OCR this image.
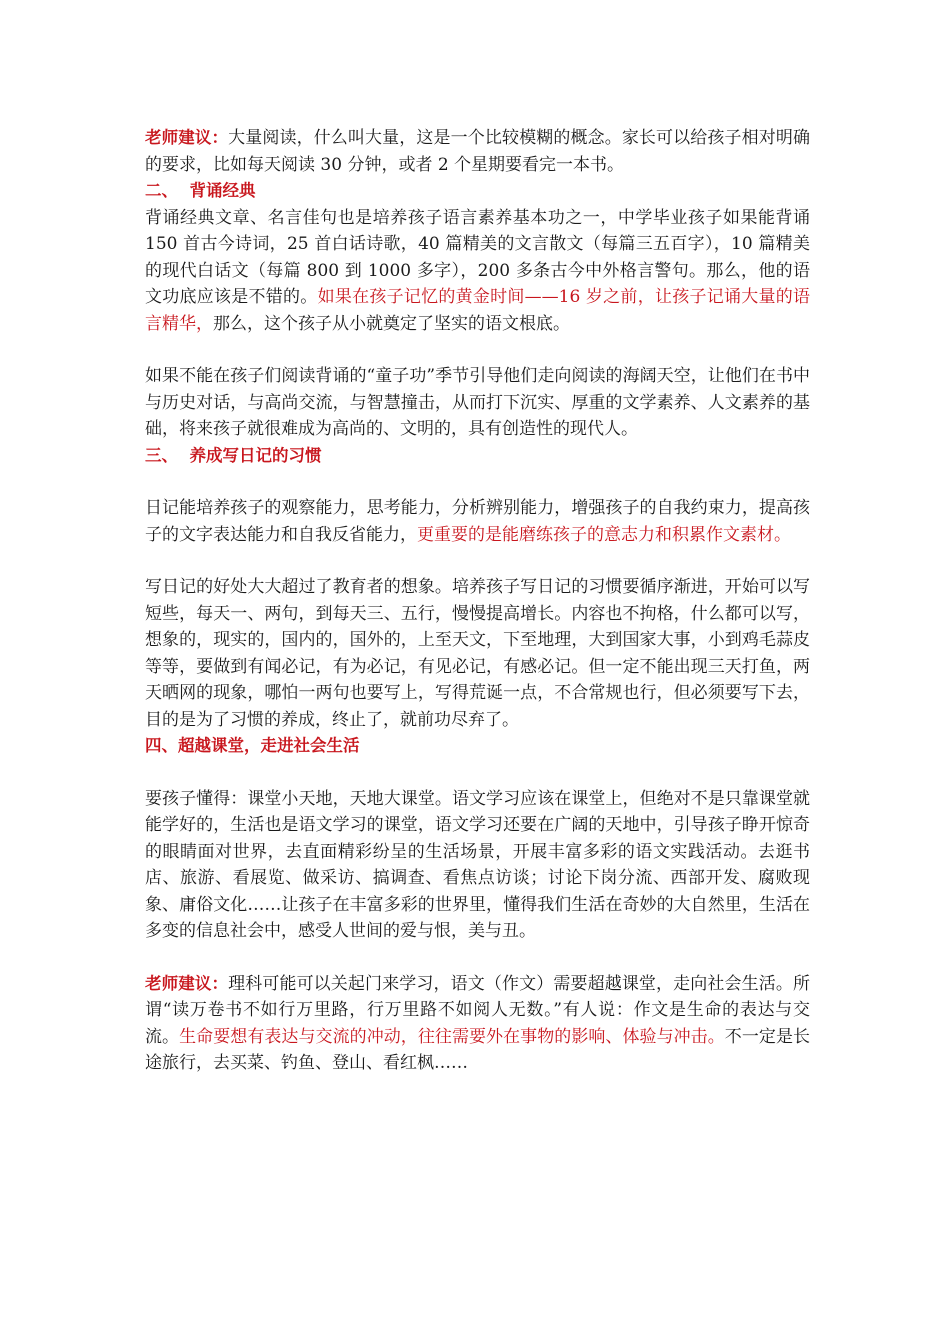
老师建议：大量阅读，什么叫大量，这是一个比较模糊的概念。家长可以给孩子相对明确的要求，比如每天阅读 30 分钟，或者 2 个星期要看完一本书。

二、  背诵经典

背诵经典文章、名言佳句也是培养孩子语言素养基本功之一，中学毕业孩子如果能背诵 150 首古今诗词，25 首白话诗歌，40 篇精美的文言散文（每篇三五百字），10 篇精美的现代白话文（每篇 800 到 1000 多字），200 多条古今中外格言警句。那么，他的语文功底应该是不错的。如果在孩子记忆的黄金时间——16 岁之前，让孩子记诵大量的语言精华，那么，这个孩子从小就奠定了坚实的语文根底。

如果不能在孩子们阅读背诵的“童子功”季节引导他们走向阅读的海阔天空，让他们在书中与历史对话，与高尚交流，与智慧撞击，从而打下沉实、厚重的文学素养、人文素养的基础，将来孩子就很难成为高尚的、文明的，具有创造性的现代人。

三、  养成写日记的习惯

日记能培养孩子的观察能力，思考能力，分析辨别能力，增强孩子的自我约束力，提高孩子的文字表达能力和自我反省能力，更重要的是能磨练孩子的意志力和积累作文素材。

写日记的好处大大超过了教育者的想象。培养孩子写日记的习惯要循序渐进，开始可以写短些，每天一、两句，到每天三、五行，慢慢提高增长。内容也不拘格，什么都可以写，想象的，现实的，国内的，国外的，上至天文，下至地理，大到国家大事，小到鸡毛蒜皮等等，要做到有闻必记，有为必记，有见必记，有感必记。但一定不能出现三天打鱼，两天晒网的现象，哪怕一两句也要写上，写得荒诞一点，不合常规也行，但必须要写下去，目的是为了习惯的养成，终止了，就前功尽弃了。

四、超越课堂，走进社会生活

要孩子懂得：课堂小天地，天地大课堂。语文学习应该在课堂上，但绝对不是只靠课堂就能学好的，生活也是语文学习的课堂，语文学习还要在广阔的天地中，引导孩子睁开惊奇的眼睛面对世界，去直面精彩纷呈的生活场景，开展丰富多彩的语文实践活动。去逛书店、旅游、看展览、做采访、搞调查、看焦点访谈；讨论下岗分流、西部开发、腐败现象、庸俗文化……让孩子在丰富多彩的世界里，懂得我们生活在奇妙的大自然里，生活在多变的信息社会中，感受人世间的爱与恨，美与丑。

老师建议：理科可能可以关起门来学习，语文（作文）需要超越课堂，走向社会生活。所谓“读万卷书不如行万里路，行万里路不如阅人无数。”有人说：作文是生命的表达与交流。生命要想有表达与交流的冲动，往往需要外在事物的影响、体验与冲击。不一定是长途旅行，去买菜、钓鱼、登山、看红枫……
